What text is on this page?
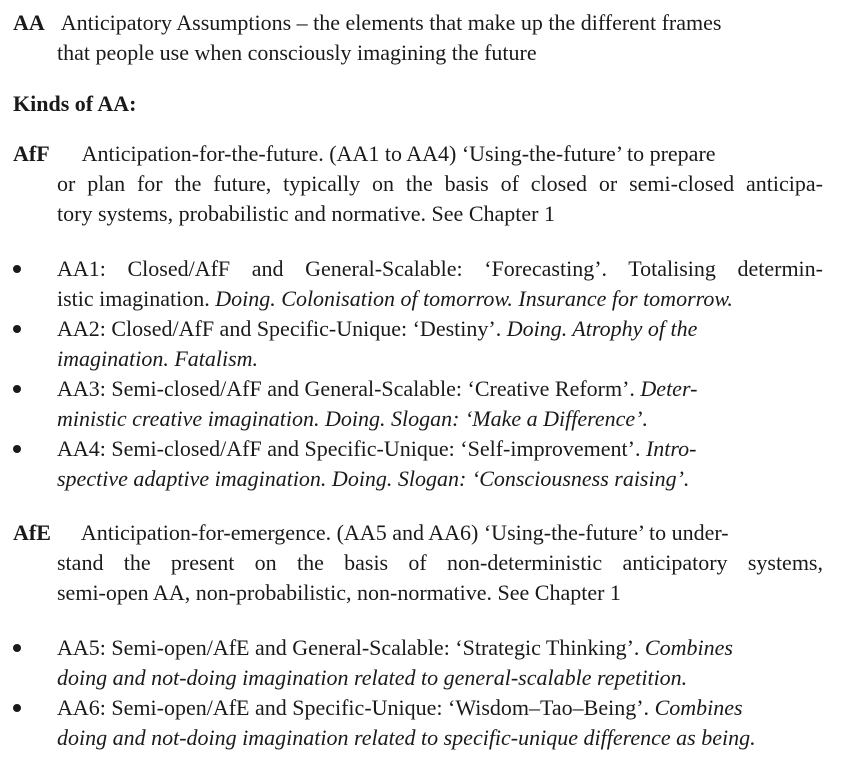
AA Anticipatory Assumptions – the elements that make up the different frames
that people use when consciously imagining the future
Kinds of AA:
AfF Anticipation-for-the-future. (AA1 to AA4) ‘Using-the-future’ to prepare
or plan for the future, typically on the basis of closed or semi-closed anticipa-
tory systems, probabilistic and normative. See Chapter 1
AA1: Closed/AfF and General-Scalable: ‘Forecasting’. Totalising determin-
istic imagination. Doing. Colonisation of tomorrow. Insurance for tomorrow.
AA2: Closed/AfF and Specific-Unique: ‘Destiny’. Doing. Atrophy of the
imagination. Fatalism.
AA3: Semi-closed/AfF and General-Scalable: ‘Creative Reform’. Deter-
ministic creative imagination. Doing. Slogan: ‘Make a Difference’.
AA4: Semi-closed/AfF and Specific-Unique: ‘Self-improvement’. Intro-
spective adaptive imagination. Doing. Slogan: ‘Consciousness raising’.
AfE Anticipation-for-emergence. (AA5 and AA6) ‘Using-the-future’ to under-
stand the present on the basis of non-deterministic anticipatory systems,
semi-open AA, non-probabilistic, non-normative. See Chapter 1
AA5: Semi-open/AfE and General-Scalable: ‘Strategic Thinking’. Combines
doing and not-doing imagination related to general-scalable repetition.
AA6: Semi-open/AfE and Specific-Unique: ‘Wisdom–Tao–Being’. Combines
doing and not-doing imagination related to specific-unique difference as being.
